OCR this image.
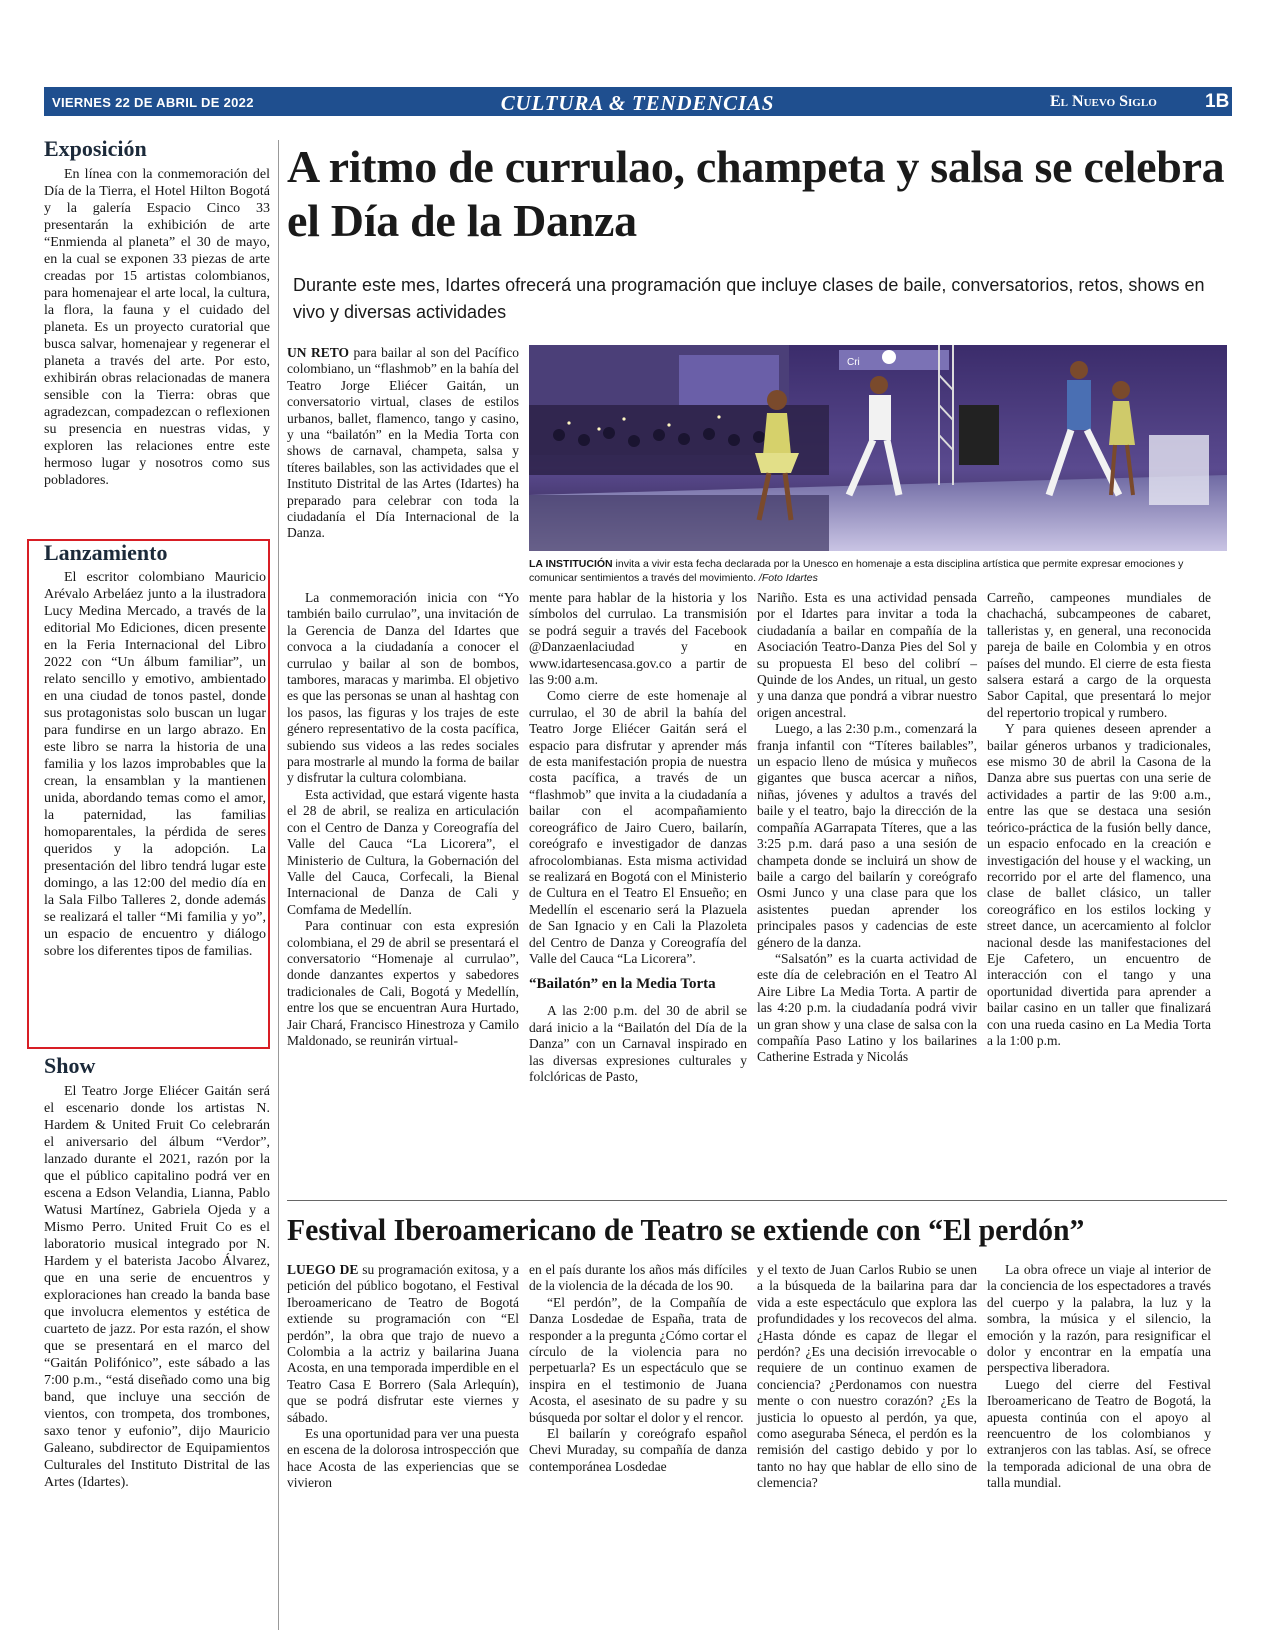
VIERNES 22 DE ABRIL DE 2022	CULTURA & TENDENCIAS	El Nuevo Siglo	1B
Exposición

En línea con la conmemoración del Día de la Tierra, el Hotel Hilton Bogotá y la galería Espacio Cinco 33 presentarán la exhibición de arte “Enmienda al planeta” el 30 de mayo, en la cual se exponen 33 piezas de arte creadas por 15 artistas colombianos, para homenajear el arte local, la cultura, la flora, la fauna y el cuidado del planeta. Es un proyecto curatorial que busca salvar, homenajear y regenerar el planeta a través del arte. Por esto, exhibirán obras relacionadas de manera sensible con la Tierra: obras que agradezcan, compadezcan o reflexionen su presencia en nuestras vidas, y exploren las relaciones entre este hermoso lugar y nosotros como sus pobladores.

Lanzamiento

El escritor colombiano Mauricio Arévalo Arbeláez junto a la ilustradora Lucy Medina Mercado, a través de la editorial Mo Ediciones, dicen presente en la Feria Internacional del Libro 2022 con “Un álbum familiar”, un relato sencillo y emotivo, ambientado en una ciudad de tonos pastel, donde sus protagonistas solo buscan un lugar para fundirse en un largo abrazo. En este libro se narra la historia de una familia y los lazos improbables que la crean, la ensamblan y la mantienen unida, abordando temas como el amor, la paternidad, las familias homoparentales, la pérdida de seres queridos y la adopción. La presentación del libro tendrá lugar este domingo, a las 12:00 del medio día en la Sala Filbo Talleres 2, donde además se realizará el taller “Mi familia y yo”, un espacio de encuentro y diálogo sobre los diferentes tipos de familias.

Show

El Teatro Jorge Eliécer Gaitán será el escenario donde los artistas N. Hardem & United Fruit Co celebrarán el aniversario del álbum “Verdor”, lanzado durante el 2021, razón por la que el público capitalino podrá ver en escena a Edson Velandia, Lianna, Pablo Watusi Martínez, Gabriela Ojeda y a Mismo Perro. United Fruit Co es el laboratorio musical integrado por N. Hardem y el baterista Jacobo Álvarez, que en una serie de encuentros y exploraciones han creado la banda base que involucra elementos y estética de cuarteto de jazz. Por esta razón, el show que se presentará en el marco del “Gaitán Polifónico”, este sábado a las 7:00 p.m., “está diseñado como una big band, que incluye una sección de vientos, con trompeta, dos trombones, saxo tenor y eufonio”, dijo Mauricio Galeano, subdirector de Equipamientos Culturales del Instituto Distrital de las Artes (Idartes).

A ritmo de currulao, champeta y salsa se celebra el Día de la Danza
Durante este mes, Idartes ofrecerá una programación que incluye clases de baile, conversatorios, retos, shows en vivo y diversas actividades

UN RETO para bailar al son del Pacífico colombiano, un “flashmob” en la bahía del Teatro Jorge Eliécer Gaitán, un conversatorio virtual, clases de estilos urbanos, ballet, flamenco, tango y casino, y una “bailatón” en la Media Torta con shows de carnaval, champeta, salsa y títeres bailables, son las actividades que el Instituto Distrital de las Artes (Idartes) ha preparado para celebrar con toda la ciudadanía el Día Internacional de la Danza.

Cri
LA INSTITUCIÓN invita a vivir esta fecha declarada por la Unesco en homenaje a esta disciplina artística que permite expresar emociones y comunicar sentimientos a través del movimiento. /Foto Idartes

La conmemoración inicia con “Yo también bailo currulao”, una invitación de la Gerencia de Danza del Idartes que convoca a la ciudadanía a conocer el currulao y bailar al son de bombos, tambores, maracas y marimba. El objetivo es que las personas se unan al hashtag con los pasos, las figuras y los trajes de este género representativo de la costa pacífica, subiendo sus videos a las redes sociales para mostrarle al mundo la forma de bailar y disfrutar la cultura colombiana.

Esta actividad, que estará vigente hasta el 28 de abril, se realiza en articulación con el Centro de Danza y Coreografía del Valle del Cauca “La Licorera”, el Ministerio de Cultura, la Gobernación del Valle del Cauca, Corfecali, la Bienal Internacional de Danza de Cali y Comfama de Medellín.

Para continuar con esta expresión colombiana, el 29 de abril se presentará el conversatorio “Homenaje al currulao”, donde danzantes expertos y sabedores tradicionales de Cali, Bogotá y Medellín, entre los que se encuentran Aura Hurtado, Jair Chará, Francisco Hinestroza y Camilo Maldonado, se reunirán virtual-

mente para hablar de la historia y los símbolos del currulao. La transmisión se podrá seguir a través del Facebook @Danzaenlaciudad y en www.idartesencasa.gov.co a partir de las 9:00 a.m.

Como cierre de este homenaje al currulao, el 30 de abril la bahía del Teatro Jorge Eliécer Gaitán será el espacio para disfrutar y aprender más de esta manifestación propia de nuestra costa pacífica, a través de un “flashmob” que invita a la ciudadanía a bailar con el acompañamiento coreográfico de Jairo Cuero, bailarín, coreógrafo e investigador de danzas afrocolombianas. Esta misma actividad se realizará en Bogotá con el Ministerio de Cultura en el Teatro El Ensueño; en Medellín el escenario será la Plazuela de San Ignacio y en Cali la Plazoleta del Centro de Danza y Coreografía del Valle del Cauca “La Licorera”.

“Bailatón” en la Media Torta

A las 2:00 p.m. del 30 de abril se dará inicio a la “Bailatón del Día de la Danza” con un Carnaval inspirado en las diversas expresiones culturales y folclóricas de Pasto,

Nariño. Esta es una actividad pensada por el Idartes para invitar a toda la ciudadanía a bailar en compañía de la Asociación Teatro-Danza Pies del Sol y su propuesta El beso del colibrí – Quinde de los Andes, un ritual, un gesto y una danza que pondrá a vibrar nuestro origen ancestral.

Luego, a las 2:30 p.m., comenzará la franja infantil con “Títeres bailables”, un espacio lleno de música y muñecos gigantes que busca acercar a niños, niñas, jóvenes y adultos a través del baile y el teatro, bajo la dirección de la compañía AGarrapata Títeres, que a las 3:25 p.m. dará paso a una sesión de champeta donde se incluirá un show de baile a cargo del bailarín y coreógrafo Osmi Junco y una clase para que los asistentes puedan aprender los principales pasos y cadencias de este género de la danza.

“Salsatón” es la cuarta actividad de este día de celebración en el Teatro Al Aire Libre La Media Torta. A partir de las 4:20 p.m. la ciudadanía podrá vivir un gran show y una clase de salsa con la compañía Paso Latino y los bailarines Catherine Estrada y Nicolás

Carreño, campeones mundiales de chachachá, subcampeones de cabaret, talleristas y, en general, una reconocida pareja de baile en Colombia y en otros países del mundo. El cierre de esta fiesta salsera estará a cargo de la orquesta Sabor Capital, que presentará lo mejor del repertorio tropical y rumbero.

Y para quienes deseen aprender a bailar géneros urbanos y tradicionales, ese mismo 30 de abril la Casona de la Danza abre sus puertas con una serie de actividades a partir de las 9:00 a.m., entre las que se destaca una sesión teórico-práctica de la fusión belly dance, un espacio enfocado en la creación e investigación del house y el wacking, un recorrido por el arte del flamenco, una clase de ballet clásico, un taller coreográfico en los estilos locking y street dance, un acercamiento al folclor nacional desde las manifestaciones del Eje Cafetero, un encuentro de interacción con el tango y una oportunidad divertida para aprender a bailar casino en un taller que finalizará con una rueda casino en La Media Torta a la 1:00 p.m.

Festival Iberoamericano de Teatro se extiende con “El perdón”

LUEGO DE su programación exitosa, y a petición del público bogotano, el Festival Iberoamericano de Teatro de Bogotá extiende su programación con “El perdón”, la obra que trajo de nuevo a Colombia a la actriz y bailarina Juana Acosta, en una temporada imperdible en el Teatro Casa E Borrero (Sala Arlequín), que se podrá disfrutar este viernes y sábado.

Es una oportunidad para ver una puesta en escena de la dolorosa introspección que hace Acosta de las experiencias que se vivieron

en el país durante los años más difíciles de la violencia de la década de los 90.

“El perdón”, de la Compañía de Danza Losdedae de España, trata de responder a la pregunta ¿Cómo cortar el círculo de la violencia para no perpetuarla? Es un espectáculo que se inspira en el testimonio de Juana Acosta, el asesinato de su padre y su búsqueda por soltar el dolor y el rencor.

El bailarín y coreógrafo español Chevi Muraday, su compañía de danza contemporánea Losdedae

y el texto de Juan Carlos Rubio se unen a la búsqueda de la bailarina para dar vida a este espectáculo que explora las profundidades y los recovecos del alma. ¿Hasta dónde es capaz de llegar el perdón? ¿Es una decisión irrevocable o requiere de un continuo examen de conciencia? ¿Perdonamos con nuestra mente o con nuestro corazón? ¿Es la justicia lo opuesto al perdón, ya que, como aseguraba Séneca, el perdón es la remisión del castigo debido y por lo tanto no hay que hablar de ello sino de clemencia?

La obra ofrece un viaje al interior de la conciencia de los espectadores a través del cuerpo y la palabra, la luz y la sombra, la música y el silencio, la emoción y la razón, para resignificar el dolor y encontrar en la empatía una perspectiva liberadora.

Luego del cierre del Festival Iberoamericano de Teatro de Bogotá, la apuesta continúa con el apoyo al reencuentro de los colombianos y extranjeros con las tablas. Así, se ofrece la temporada adicional de una obra de talla mundial.
